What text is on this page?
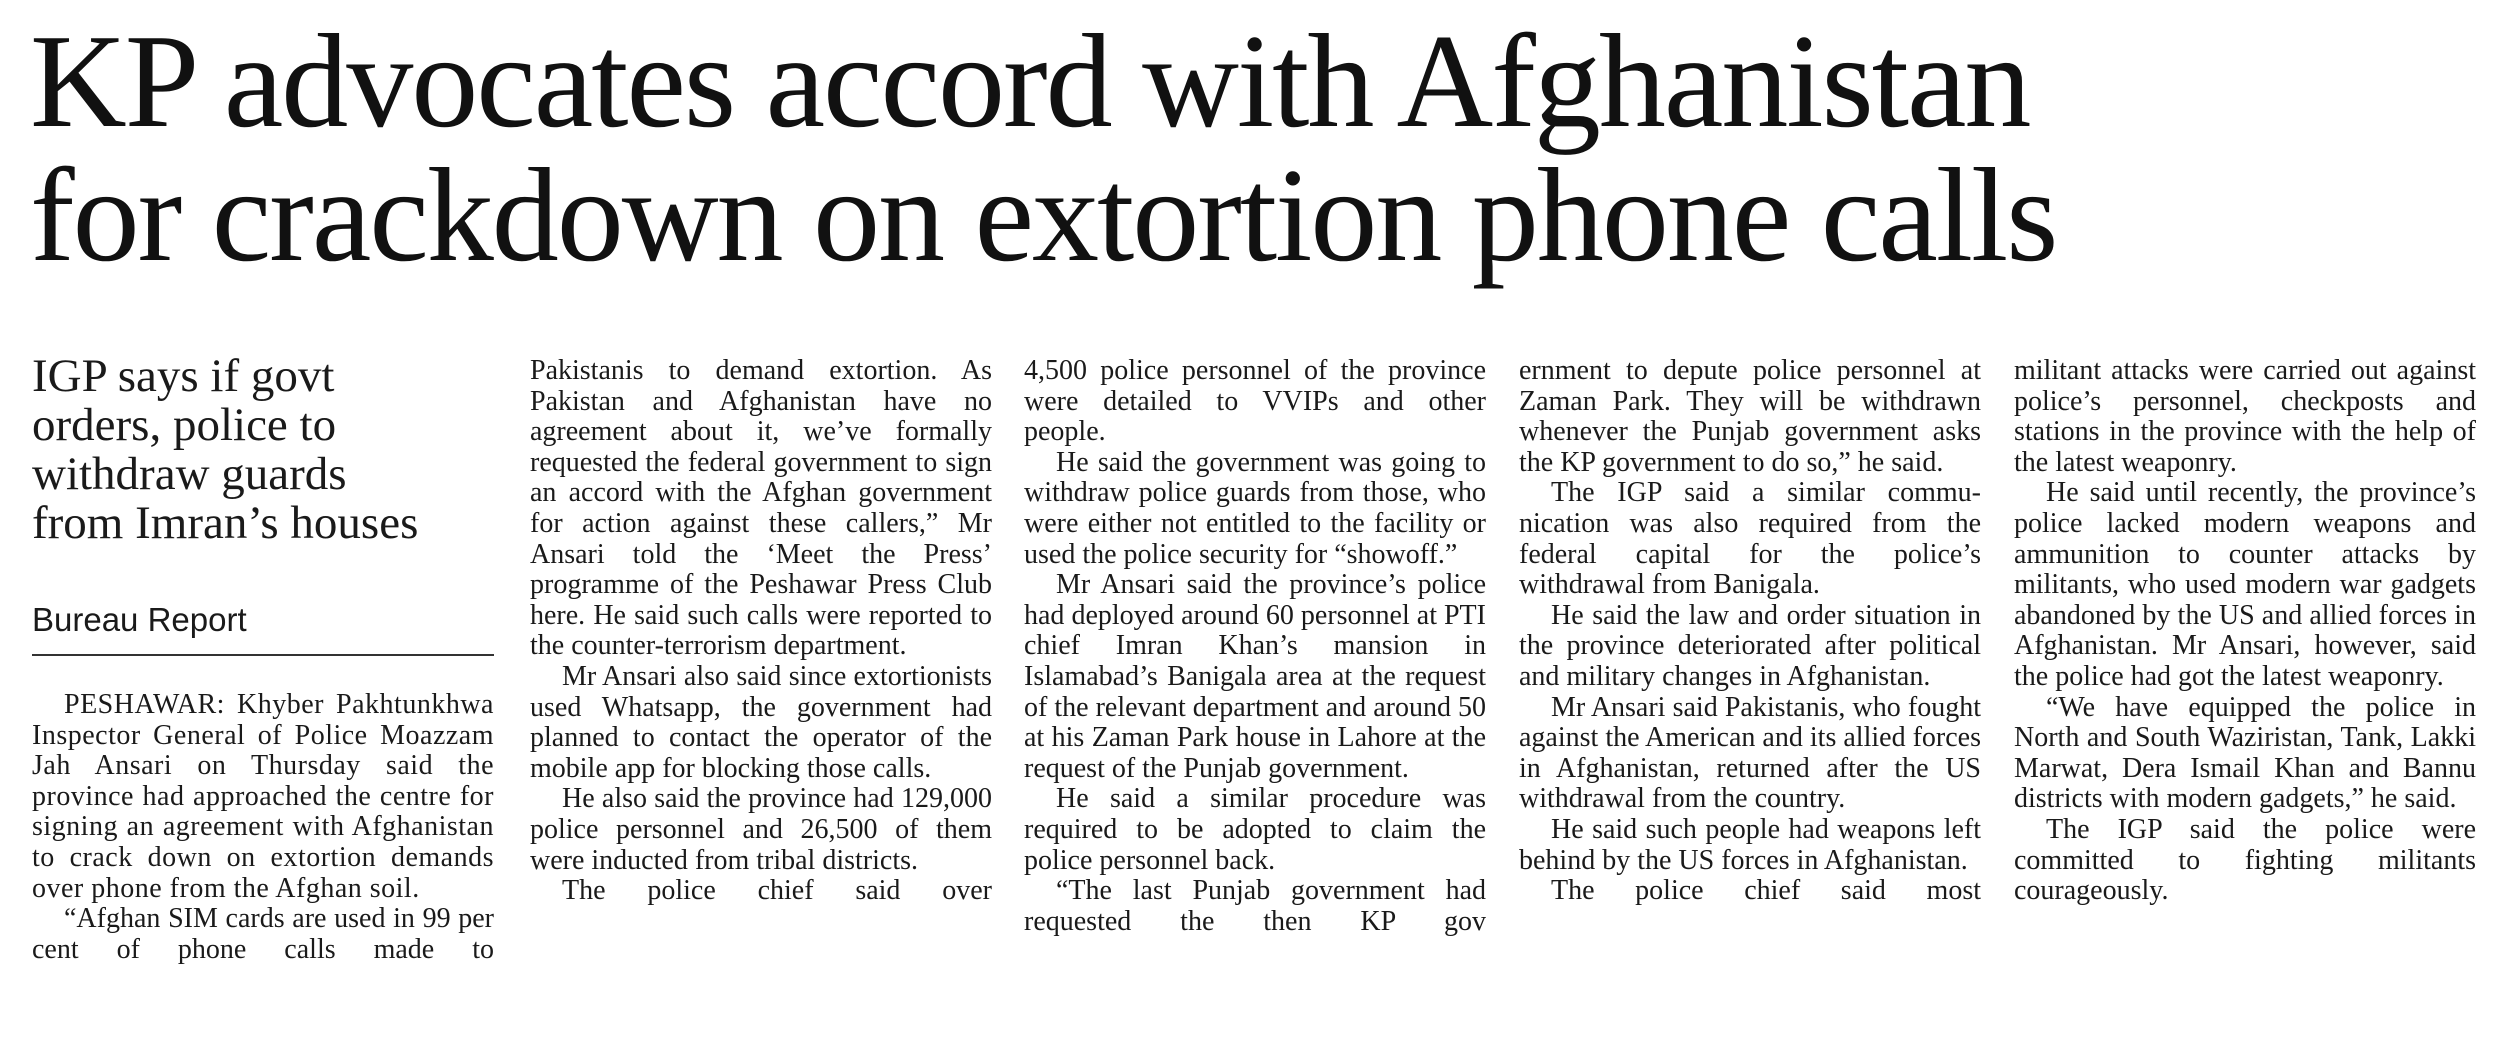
KP advocates accord with Afghanistan
for crackdown on extortion phone calls
IGP says if govt
orders, police to
withdraw guards
from Imran’s houses
Bureau Report

PESHAWAR: Khyber Pakhtunkhwa Inspector General of Police Moazzam Jah Ansari on Thursday said the province had approached the centre for signing an agreement with Afghanistan to crack down on extortion demands over phone from the Afghan soil.

“Afghan SIM cards are used in 99 per cent of phone calls made to

Pakistanis to demand extortion. As Pakistan and Afghanistan have no agreement about it, we’ve formally requested the federal government to sign an accord with the Afghan government for action against these callers,” Mr Ansari told the ‘Meet the Press’ programme of the Peshawar Press Club here. He said such calls were reported to the counter-terrorism department.

Mr Ansari also said since extortionists used Whatsapp, the government had planned to contact the operator of the mobile app for blocking those calls.

He also said the province had 129,000 police personnel and 26,500 of them were inducted from tribal districts.

The police chief said over

4,500 police personnel of the province were detailed to VVIPs and other people.

He said the government was going to withdraw police guards from those, who were either not entitled to the facility or used the police security for “showoff.”

Mr Ansari said the province’s police had deployed around 60 personnel at PTI chief Imran Khan’s mansion in Islamabad’s Banigala area at the request of the relevant department and around 50 at his Zaman Park house in Lahore at the request of the Punjab government.

He said a similar procedure was required to be adopted to claim the police personnel back.

“The last Punjab government had requested the then KP gov

ernment to depute police personnel at Zaman Park. They will be withdrawn whenever the Punjab government asks the KP government to do so,” he said.

The IGP said a similar communication was also required from the federal capital for the police’s withdrawal from Banigala.

He said the law and order situation in the province deteriorated after political and military changes in Afghanistan.

Mr Ansari said Pakistanis, who fought against the American and its allied forces in Afghanistan, returned after the US withdrawal from the country.

He said such people had weapons left behind by the US forces in Afghanistan.

The police chief said most

militant attacks were carried out against police’s personnel, checkposts and stations in the province with the help of the latest weaponry.

He said until recently, the province’s police lacked modern weapons and ammunition to counter attacks by militants, who used modern war gadgets abandoned by the US and allied forces in Afghanistan. Mr Ansari, however, said the police had got the latest weaponry.

“We have equipped the police in North and South Waziristan, Tank, Lakki Marwat, Dera Ismail Khan and Bannu districts with modern gadgets,” he said.

The IGP said the police were committed to fighting militants courageously.
